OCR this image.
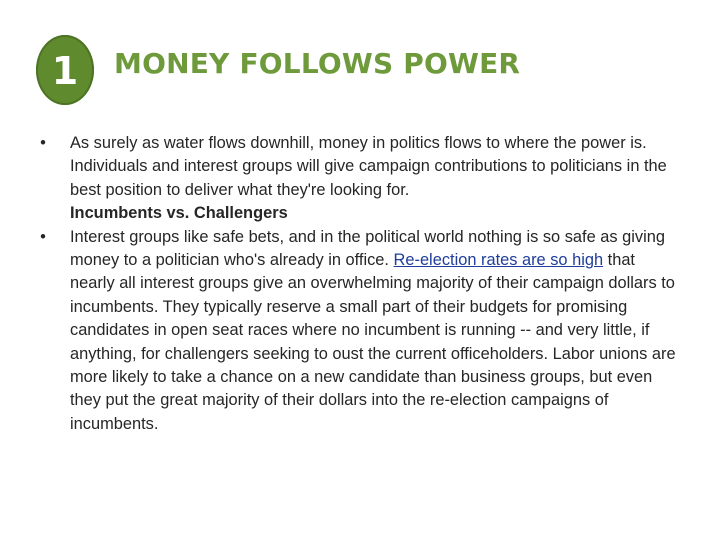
1 MONEY FOLLOWS POWER
• As surely as water flows downhill, money in politics flows to where the power is. Individuals and interest groups will give campaign contributions to politicians in the best position to deliver what they're looking for.
Incumbents vs. Challengers
• Interest groups like safe bets, and in the political world nothing is so safe as giving money to a politician who's already in office. Re-election rates are so high that nearly all interest groups give an overwhelming majority of their campaign dollars to incumbents. They typically reserve a small part of their budgets for promising candidates in open seat races where no incumbent is running -- and very little, if anything, for challengers seeking to oust the current officeholders. Labor unions are more likely to take a chance on a new candidate than business groups, but even they put the great majority of their dollars into the re-election campaigns of incumbents.
